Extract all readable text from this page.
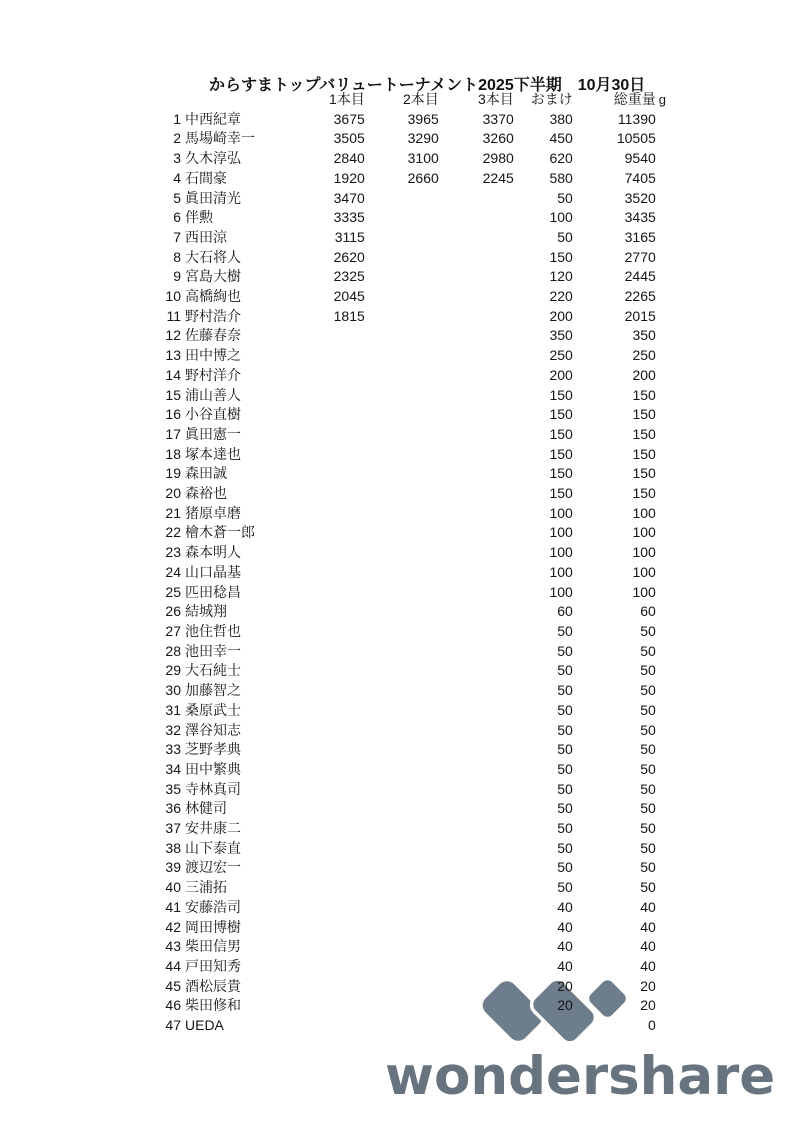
wondershare
からすまトップバリュートーナメント2025下半期　10月30日
		1本目	2本目	3本目	おまけ	総重量	g
1	中西紀章	3675	3965	3370	380	11390	
2	馬場崎幸一	3505	3290	3260	450	10505	
3	久木淳弘	2840	3100	2980	620	9540	
4	石間豪	1920	2660	2245	580	7405	
5	眞田清光	3470			50	3520	
6	伴勲	3335			100	3435	
7	西田涼	3115			50	3165	
8	大石将人	2620			150	2770	
9	宮島大樹	2325			120	2445	
10	高橋絢也	2045			220	2265	
11	野村浩介	1815			200	2015	
12	佐藤春奈				350	350	
13	田中博之				250	250	
14	野村洋介				200	200	
15	浦山善人				150	150	
16	小谷直樹				150	150	
17	眞田憲一				150	150	
18	塚本達也				150	150	
19	森田誠				150	150	
20	森裕也				150	150	
21	猪原卓磨				100	100	
22	檜木蒼一郎				100	100	
23	森本明人				100	100	
24	山口晶基				100	100	
25	匹田稔昌				100	100	
26	結城翔				60	60	
27	池住哲也				50	50	
28	池田幸一				50	50	
29	大石純士				50	50	
30	加藤智之				50	50	
31	桑原武士				50	50	
32	澤谷知志				50	50	
33	芝野孝典				50	50	
34	田中繁典				50	50	
35	寺林真司				50	50	
36	林健司				50	50	
37	安井康二				50	50	
38	山下泰直				50	50	
39	渡辺宏一				50	50	
40	三浦拓				50	50	
41	安藤浩司				40	40	
42	岡田博樹				40	40	
43	柴田信男				40	40	
44	戸田知秀				40	40	
45	酒松辰貴				20	20	
46	柴田修和				20	20	
47	UEDA					0	
